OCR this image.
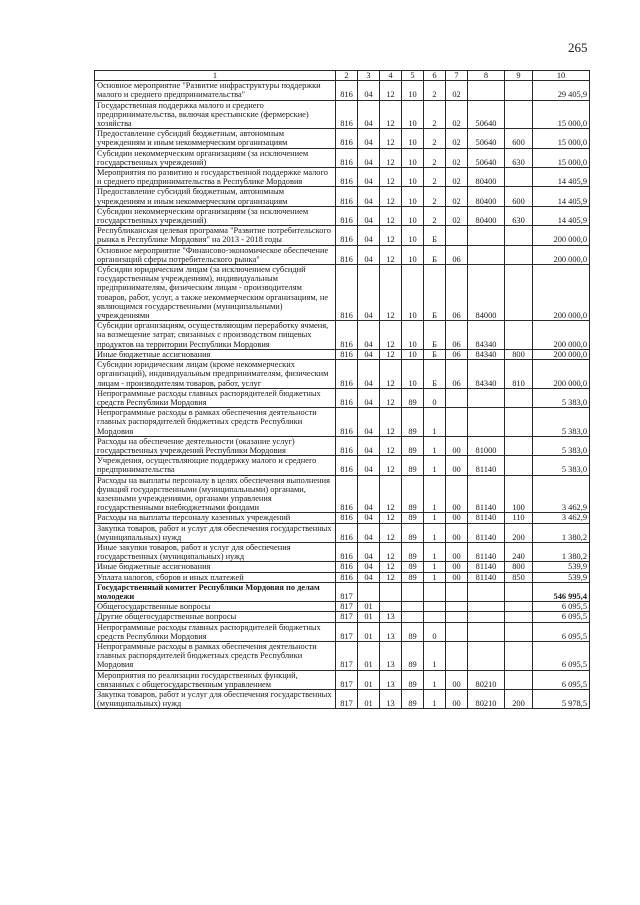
265
1	2	3	4	5	6	7	8	9	10
Основное мероприятие "Развитие инфраструктуры поддержки малого и среднего предпринимательства"	816	04	12	10	2	02			29 405,9
Государственная поддержка малого и среднего предпринимательства, включая крестьянские (фермерские) хозяйства	816	04	12	10	2	02	50640		15 000,0
Предоставление субсидий бюджетным, автономным учреждениям и иным некоммерческим организациям	816	04	12	10	2	02	50640	600	15 000,0
Субсидии некоммерческим организациям (за исключением государственных учреждений)	816	04	12	10	2	02	50640	630	15 000,0
Мероприятия по развитию и государственной поддержке малого и среднего предпринимательства в Республике Мордовия	816	04	12	10	2	02	80400		14 405,9
Предоставление субсидий бюджетным, автономным учреждениям и иным некоммерческим организациям	816	04	12	10	2	02	80400	600	14 405,9
Субсидии некоммерческим организациям (за исключением государственных учреждений)	816	04	12	10	2	02	80400	630	14 405,9
Республиканская целевая программа "Развитие потребительского рынка в Республике Мордовия" на 2013 - 2018 годы	816	04	12	10	Б				200 000,0
Основное мероприятие "Финансово-экономическое обеспечение организаций сферы потребительского рынка"	816	04	12	10	Б	06			200 000,0
Субсидии юридическим лицам (за исключением субсидий государственным учреждениям), индивидуальным предпринимателям, физическим лицам - производителям товаров, работ, услуг, а также некоммерческим организациям, не являющимся государственными (муниципальными) учреждениями	816	04	12	10	Б	06	84000		200 000,0
Субсидии организациям, осуществляющим переработку ячменя, на возмещение затрат, связанных с производством пищевых продуктов на территории Республики Мордовия	816	04	12	10	Б	06	84340		200 000,0
Иные бюджетные ассигнования	816	04	12	10	Б	06	84340	800	200 000,0
Субсидии юридическим лицам (кроме некоммерческих организаций), индивидуальным предпринимателям, физическим лицам - производителям товаров, работ, услуг	816	04	12	10	Б	06	84340	810	200 000,0
Непрограммные расходы главных распорядителей бюджетных средств Республики Мордовия	816	04	12	89	0				5 383,0
Непрограммные расходы в рамках обеспечения деятельности главных распорядителей бюджетных средств Республики Мордовия	816	04	12	89	1				5 383,0
Расходы на обеспечение деятельности (оказание услуг) государственных учреждений Республики Мордовия	816	04	12	89	1	00	81000		5 383,0
Учреждения, осуществляющие поддержку малого и среднего предпринимательства	816	04	12	89	1	00	81140		5 383,0
Расходы на выплаты персоналу в целях обеспечения выполнения функций государственными (муниципальными) органами, казенными учреждениями, органами управления государственными внебюджетными фондами	816	04	12	89	1	00	81140	100	3 462,9
Расходы на выплаты персоналу казенных учреждений	816	04	12	89	1	00	81140	110	3 462,9
Закупка товаров, работ и услуг для обеспечения государственных (муниципальных) нужд	816	04	12	89	1	00	81140	200	1 380,2
Иные закупки товаров, работ и услуг для обеспечения государственных (муниципальных) нужд	816	04	12	89	1	00	81140	240	1 380,2
Иные бюджетные ассигнования	816	04	12	89	1	00	81140	800	539,9
Уплата налогов, сборов и иных платежей	816	04	12	89	1	00	81140	850	539,9
Государственный комитет Республики Мордовия по делам молодежи	817								546 995,4
Общегосударственные вопросы	817	01							6 095,5
Другие общегосударственные вопросы	817	01	13						6 095,5
Непрограммные расходы главных распорядителей бюджетных средств Республики Мордовия	817	01	13	89	0				6 095,5
Непрограммные расходы в рамках обеспечения деятельности главных распорядителей бюджетных средств Республики Мордовия	817	01	13	89	1				6 095,5
Мероприятия по реализации государственных функций, связанных с общегосударственным управлением	817	01	13	89	1	00	80210		6 095,5
Закупка товаров, работ и услуг для обеспечения государственных (муниципальных) нужд	817	01	13	89	1	00	80210	200	5 978,5
